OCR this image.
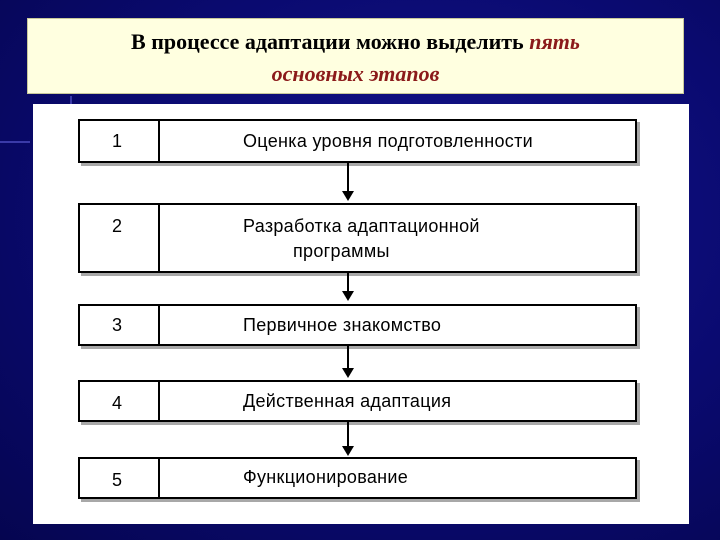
В процессе адаптации можно выделить пять
основных этапов
1	Оценка уровня подготовленности
2	Разработка адаптационной
программы
3	Первичное знакомство
4	Действенная адаптация
5	Функционирование
